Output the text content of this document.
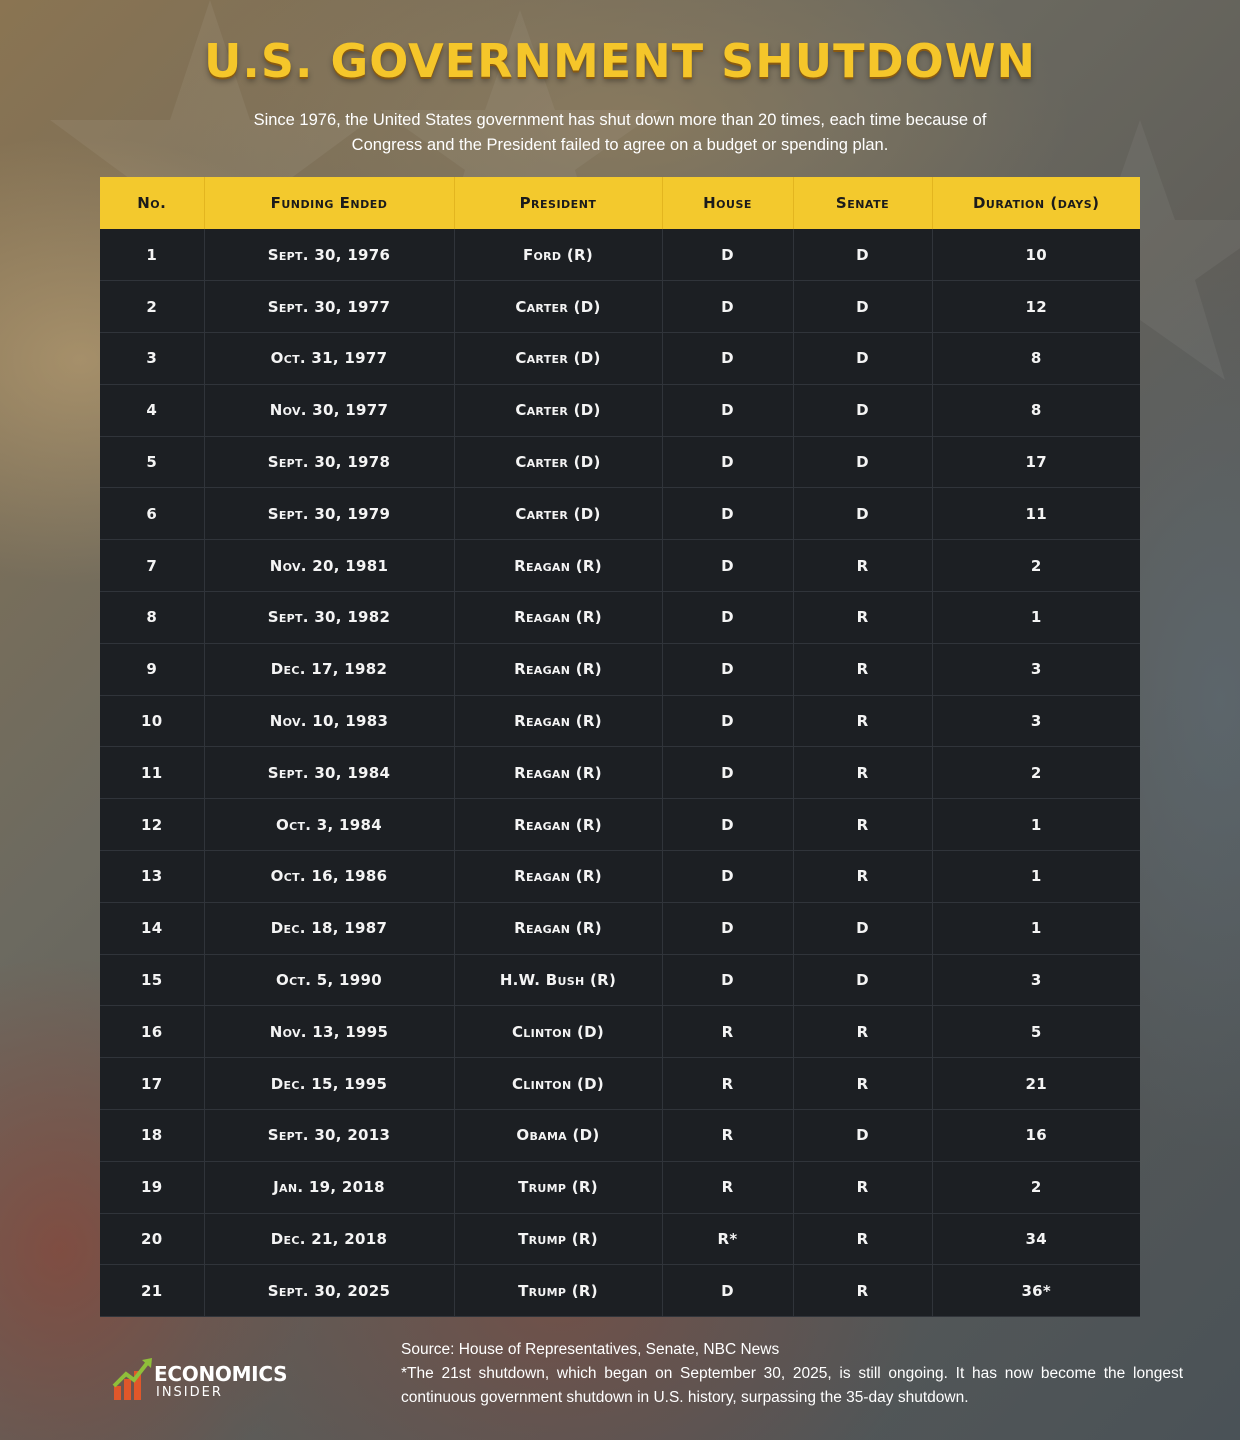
U.S. GOVERNMENT SHUTDOWN
Since 1976, the United States government has shut down more than 20 times, each time because of Congress and the President failed to agree on a budget or spending plan.
No.	Funding Ended	President	House	Senate	Duration (days)
1	Sept. 30, 1976	Ford (R)	D	D	10
2	Sept. 30, 1977	Carter (D)	D	D	12
3	Oct. 31, 1977	Carter (D)	D	D	8
4	Nov. 30, 1977	Carter (D)	D	D	8
5	Sept. 30, 1978	Carter (D)	D	D	17
6	Sept. 30, 1979	Carter (D)	D	D	11
7	Nov. 20, 1981	Reagan (R)	D	R	2
8	Sept. 30, 1982	Reagan (R)	D	R	1
9	Dec. 17, 1982	Reagan (R)	D	R	3
10	Nov. 10, 1983	Reagan (R)	D	R	3
11	Sept. 30, 1984	Reagan (R)	D	R	2
12	Oct. 3, 1984	Reagan (R)	D	R	1
13	Oct. 16, 1986	Reagan (R)	D	R	1
14	Dec. 18, 1987	Reagan (R)	D	D	1
15	Oct. 5, 1990	H.W. Bush (R)	D	D	3
16	Nov. 13, 1995	Clinton (D)	R	R	5
17	Dec. 15, 1995	Clinton (D)	R	R	21
18	Sept. 30, 2013	Obama (D)	R	D	16
19	Jan. 19, 2018	Trump (R)	R	R	2
20	Dec. 21, 2018	Trump (R)	R*	R	34
21	Sept. 30, 2025	Trump (R)	D	R	36*
ECONOMICS
INSIDER
Source: House of Representatives, Senate, NBC News
*The 21st shutdown, which began on September 30, 2025, is still ongoing. It has now become the longest continuous government shutdown in U.S. history, surpassing the 35-day shutdown.
